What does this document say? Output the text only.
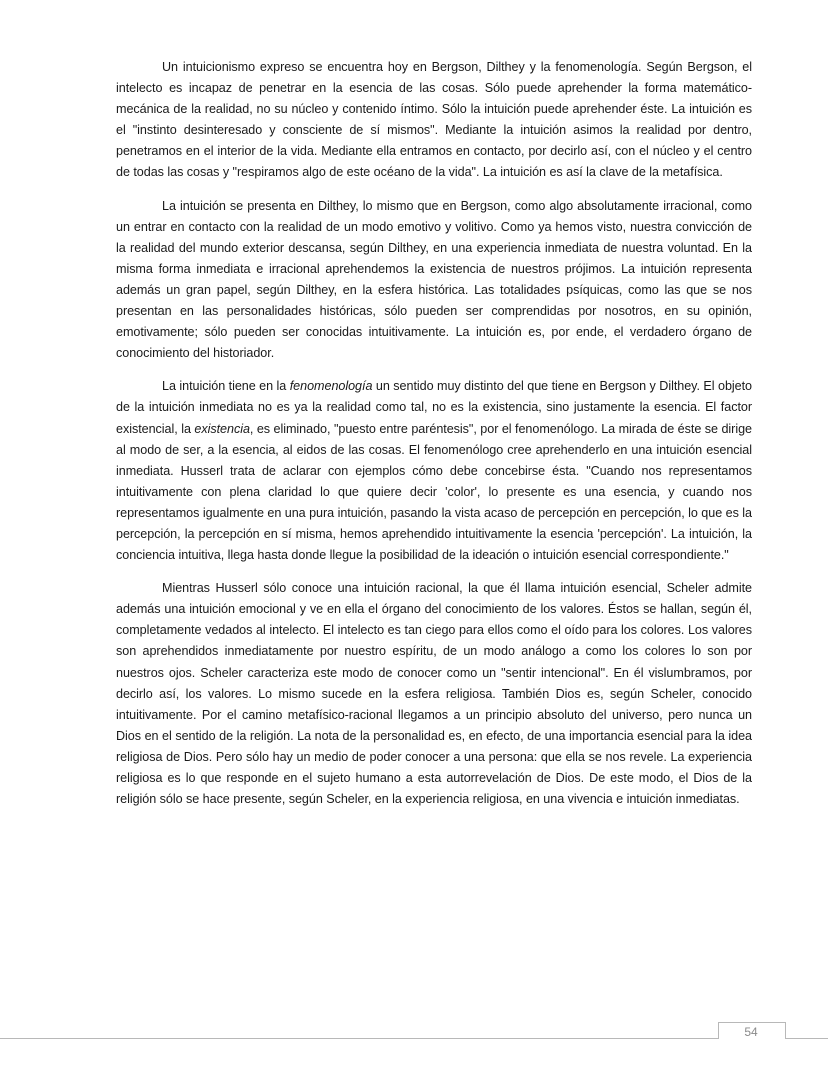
Un intuicionismo expreso se encuentra hoy en Bergson, Dilthey y la fenomenología. Según Bergson, el intelecto es incapaz de penetrar en la esencia de las cosas. Sólo puede aprehender la forma matemático-mecánica de la realidad, no su núcleo y contenido íntimo. Sólo la intuición puede aprehender éste. La intuición es el "instinto desinteresado y consciente de sí mismos". Mediante la intuición asimos la realidad por dentro, penetramos en el interior de la vida. Mediante ella entramos en contacto, por decirlo así, con el núcleo y el centro de todas las cosas y "respiramos algo de este océano de la vida". La intuición es así la clave de la metafísica.

La intuición se presenta en Dilthey, lo mismo que en Bergson, como algo absolutamente irracional, como un entrar en contacto con la realidad de un modo emotivo y volitivo. Como ya hemos visto, nuestra convicción de la realidad del mundo exterior descansa, según Dilthey, en una experiencia inmediata de nuestra voluntad. En la misma forma inmediata e irracional aprehendemos la existencia de nuestros prójimos. La intuición representa además un gran papel, según Dilthey, en la esfera histórica. Las totalidades psíquicas, como las que se nos presentan en las personalidades históricas, sólo pueden ser comprendidas por nosotros, en su opinión, emotivamente; sólo pueden ser conocidas intuitivamente. La intuición es, por ende, el verdadero órgano de conocimiento del historiador.

La intuición tiene en la fenomenología un sentido muy distinto del que tiene en Bergson y Dilthey. El objeto de la intuición inmediata no es ya la realidad como tal, no es la existencia, sino justamente la esencia. El factor existencial, la existencia, es eliminado, "puesto entre paréntesis", por el fenomenólogo. La mirada de éste se dirige al modo de ser, a la esencia, al eidos de las cosas. El fenomenólogo cree aprehenderlo en una intuición esencial inmediata. Husserl trata de aclarar con ejemplos cómo debe concebirse ésta. "Cuando nos representamos intuitivamente con plena claridad lo que quiere decir 'color', lo presente es una esencia, y cuando nos representamos igualmente en una pura intuición, pasando la vista acaso de percepción en percepción, lo que es la percepción, la percepción en sí misma, hemos aprehendido intuitivamente la esencia 'percepción'. La intuición, la conciencia intuitiva, llega hasta donde llegue la posibilidad de la ideación o intuición esencial correspondiente."

Mientras Husserl sólo conoce una intuición racional, la que él llama intuición esencial, Scheler admite además una intuición emocional y ve en ella el órgano del conocimiento de los valores. Éstos se hallan, según él, completamente vedados al intelecto. El intelecto es tan ciego para ellos como el oído para los colores. Los valores son aprehendidos inmediatamente por nuestro espíritu, de un modo análogo a como los colores lo son por nuestros ojos. Scheler caracteriza este modo de conocer como un "sentir intencional". En él vislumbramos, por decirlo así, los valores. Lo mismo sucede en la esfera religiosa. También Dios es, según Scheler, conocido intuitivamente. Por el camino metafísico-racional llegamos a un principio absoluto del universo, pero nunca un Dios en el sentido de la religión. La nota de la personalidad es, en efecto, de una importancia esencial para la idea religiosa de Dios. Pero sólo hay un medio de poder conocer a una persona: que ella se nos revele. La experiencia religiosa es lo que responde en el sujeto humano a esta autorrevelación de Dios. De este modo, el Dios de la religión sólo se hace presente, según Scheler, en la experiencia religiosa, en una vivencia e intuición inmediatas.

54
